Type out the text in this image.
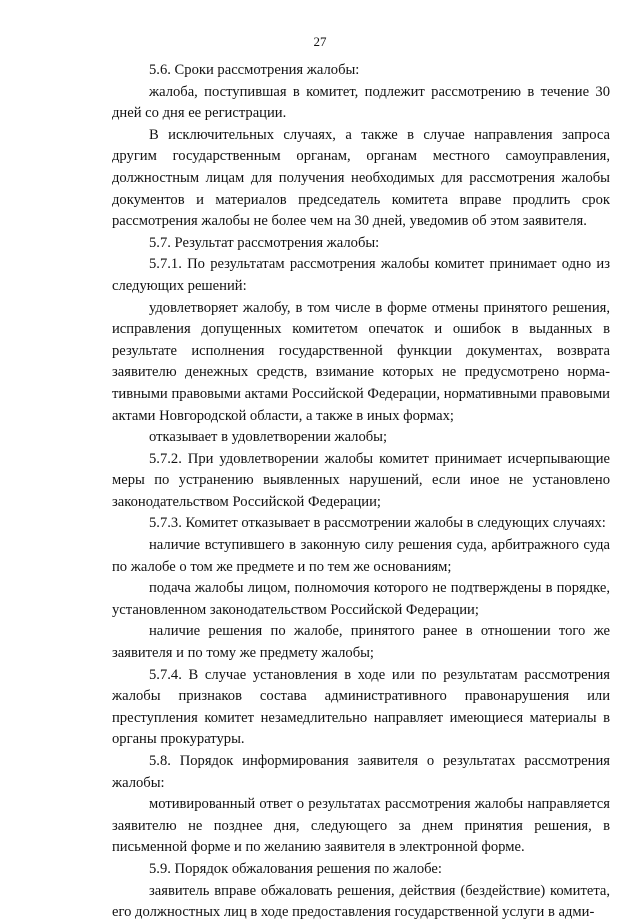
27

5.6. Сроки рассмотрения жалобы:

жалоба, поступившая в комитет, подлежит рассмотрению в течение 30 дней со дня ее регистрации.

В исключительных случаях, а также в случае направления запроса другим государственным органам, органам местного самоуправления, должностным лицам для получения необходимых для рассмотрения жалобы документов и материалов председатель комитета вправе продлить срок рассмотрения жалобы не более чем на 30 дней, уведомив об этом заявителя.

5.7. Результат рассмотрения жалобы:

5.7.1. По результатам рассмотрения жалобы комитет принимает одно из следующих решений:

удовлетворяет жалобу, в том числе в форме отмены принятого решения, исправления допущенных комитетом опечаток и ошибок в выданных в результате исполнения государственной функции документах, возврата заявителю денежных средств, взимание которых не предусмотрено норма-тивными правовыми актами Российской Федерации, нормативными правовыми актами Новгородской области, а также в иных формах;

отказывает в удовлетворении жалобы;

5.7.2. При удовлетворении жалобы комитет принимает исчерпывающие меры по устранению выявленных нарушений, если иное не установлено законодательством Российской Федерации;

5.7.3. Комитет отказывает в рассмотрении жалобы в следующих случаях:

наличие вступившего в законную силу решения суда, арбитражного суда по жалобе о том же предмете и по тем же основаниям;

подача жалобы лицом, полномочия которого не подтверждены в порядке, установленном законодательством Российской Федерации;

наличие решения по жалобе, принятого ранее в отношении того же заявителя и по тому же предмету жалобы;

5.7.4. В случае установления в ходе или по результатам рассмотрения жалобы признаков состава административного правонарушения или преступления комитет незамедлительно направляет имеющиеся материалы в органы прокуратуры.

5.8. Порядок информирования заявителя о результатах рассмотрения жалобы:

мотивированный ответ о результатах рассмотрения жалобы направляется заявителю не позднее дня, следующего за днем принятия решения, в письменной форме и по желанию заявителя в электронной форме.

5.9. Порядок обжалования решения по жалобе:

заявитель вправе обжаловать решения, действия (бездействие) комитета, его должностных лиц в ходе предоставления государственной услуги в адми-
